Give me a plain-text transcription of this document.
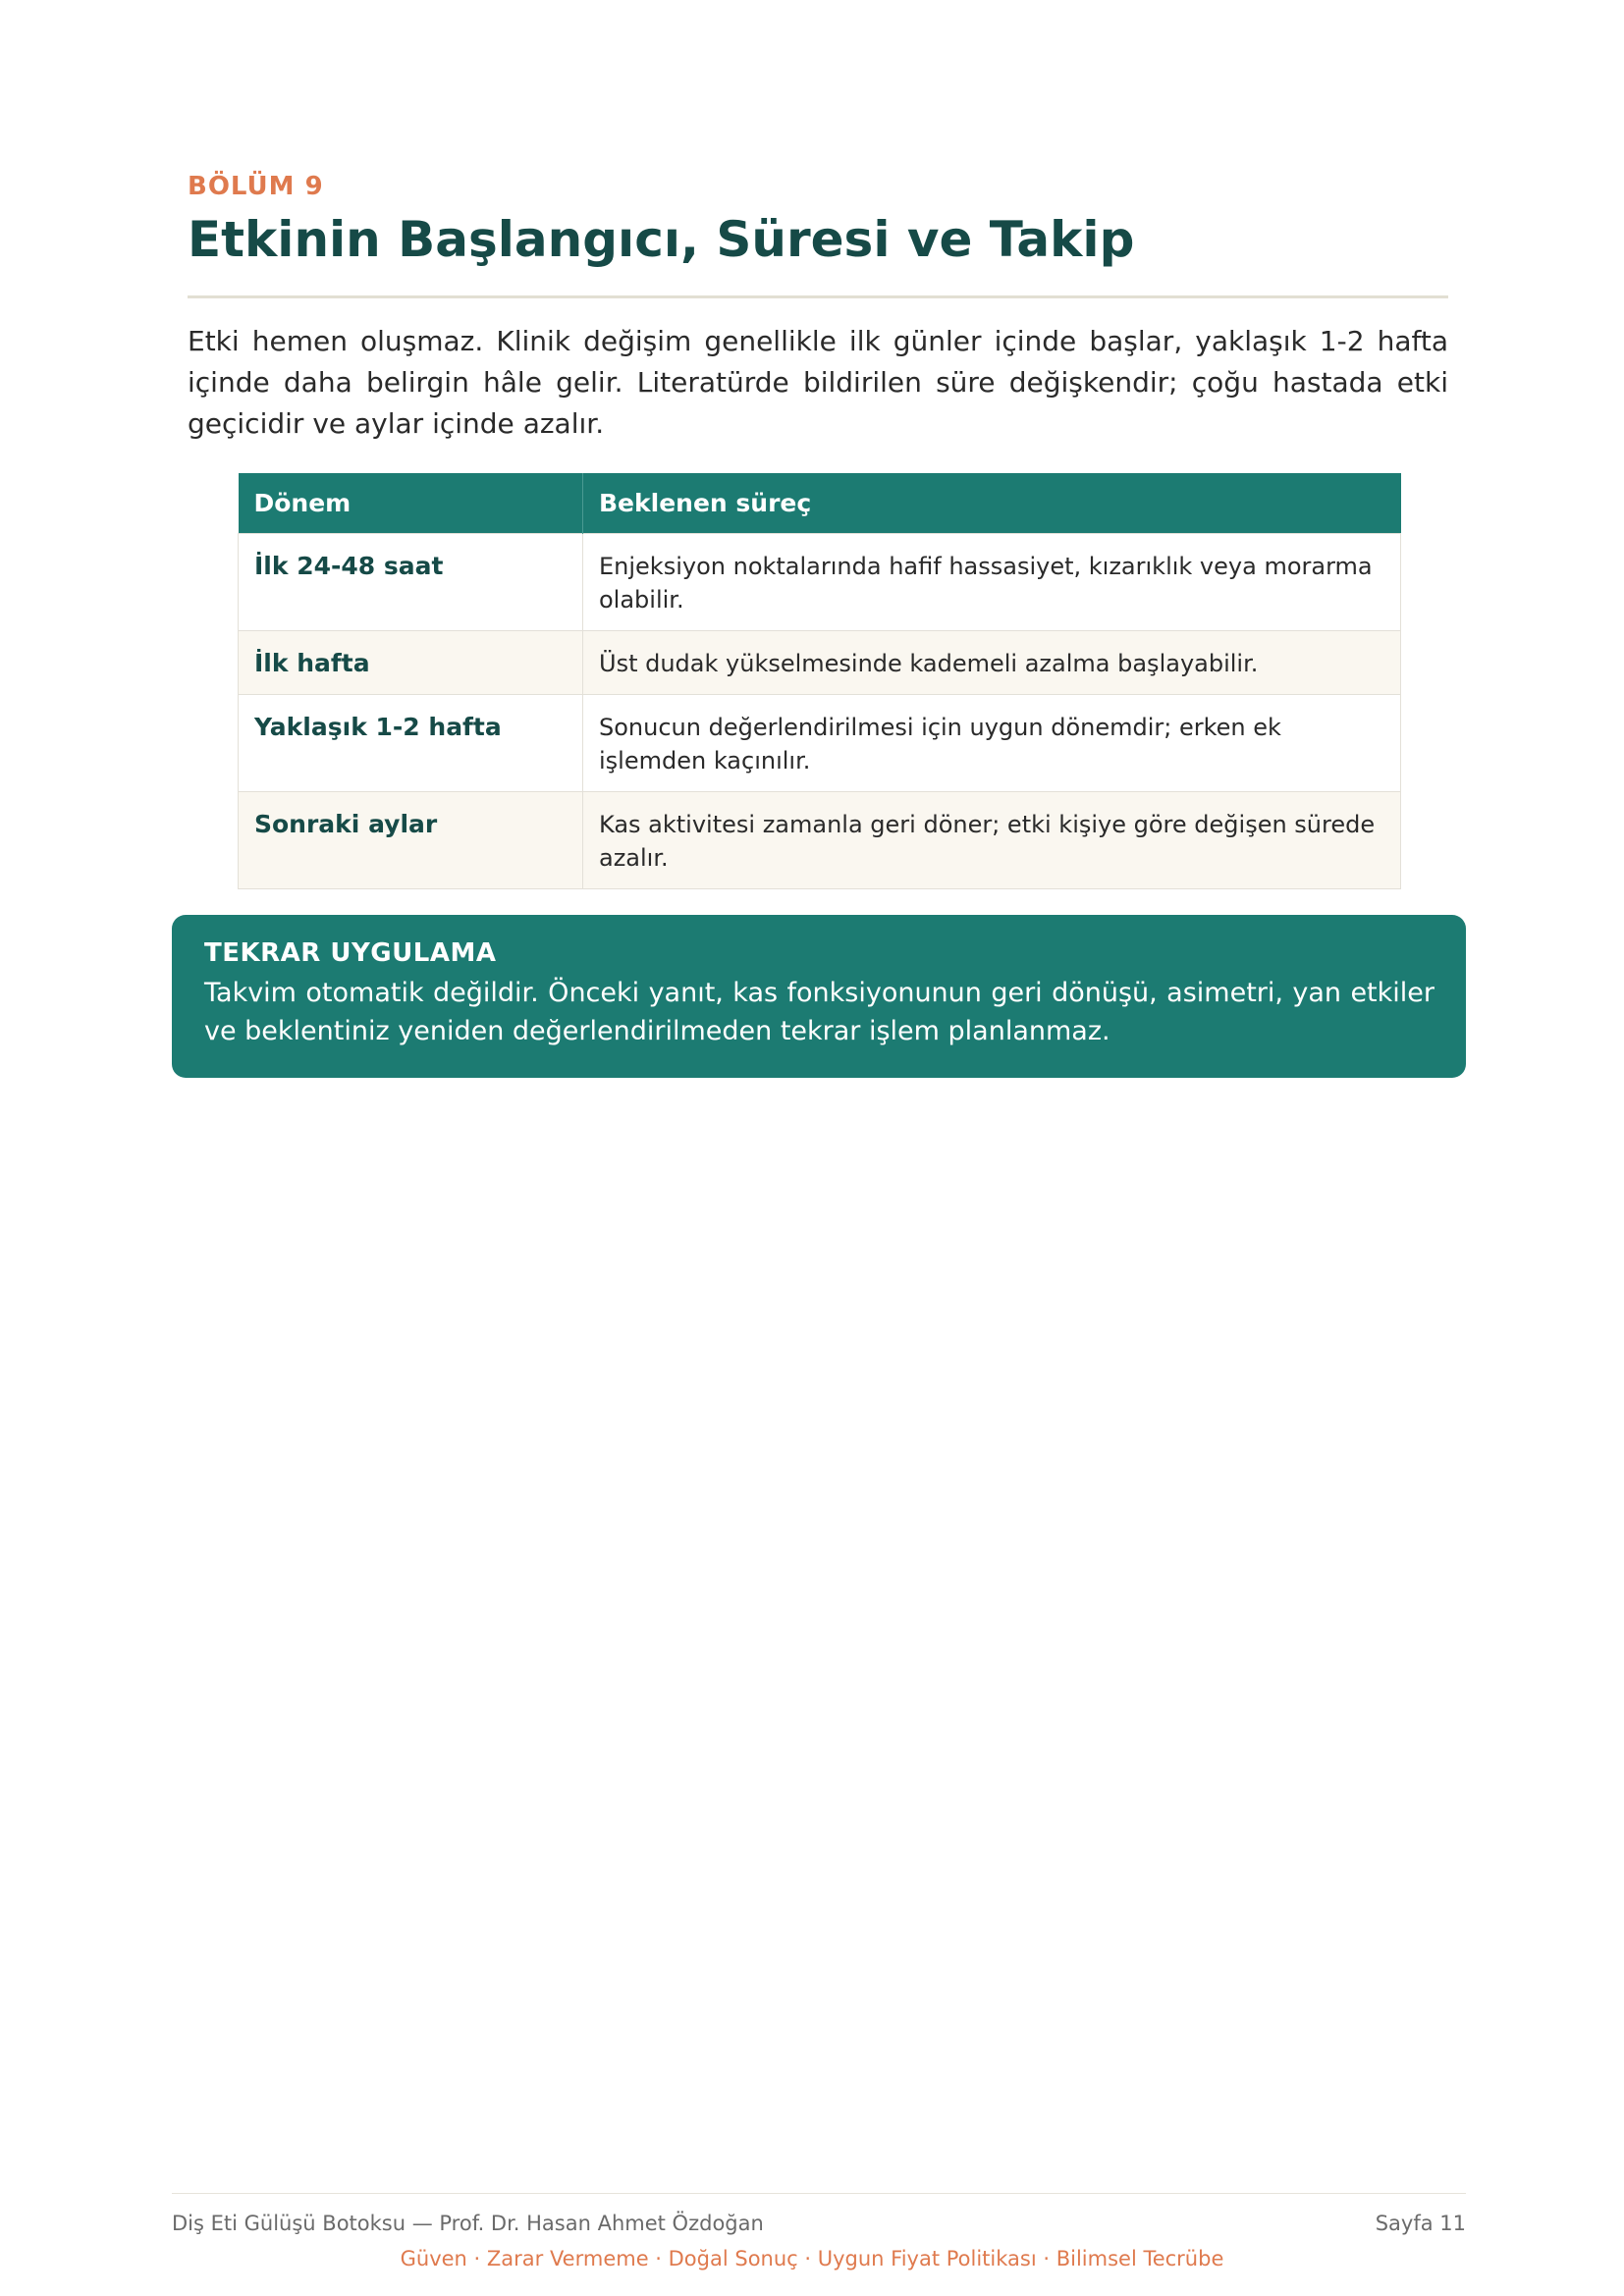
BÖLÜM 9
Etkinin Başlangıcı, Süresi ve Takip

Etki hemen oluşmaz. Klinik değişim genellikle ilk günler içinde başlar, yaklaşık 1-2 hafta içinde daha belirgin hâle gelir. Literatürde bildirilen süre değişkendir; çoğu hastada etki geçicidir ve aylar içinde azalır.

Dönem	Beklenen süreç
İlk 24-48 saat	Enjeksiyon noktalarında hafif hassasiyet, kızarıklık veya morarma olabilir.
İlk hafta	Üst dudak yükselmesinde kademeli azalma başlayabilir.
Yaklaşık 1-2 hafta	Sonucun değerlendirilmesi için uygun dönemdir; erken ek işlemden kaçınılır.
Sonraki aylar	Kas aktivitesi zamanla geri döner; etki kişiye göre değişen sürede azalır.
TEKRAR UYGULAMA
Takvim otomatik değildir. Önceki yanıt, kas fonksiyonunun geri dönüşü, asimetri, yan etkiler ve beklentiniz yeniden değerlendirilmeden tekrar işlem planlanmaz.
Diş Eti Gülüşü Botoksu — Prof. Dr. Hasan Ahmet Özdoğan	Sayfa 11
Güven · Zarar Vermeme · Doğal Sonuç · Uygun Fiyat Politikası · Bilimsel Tecrübe
